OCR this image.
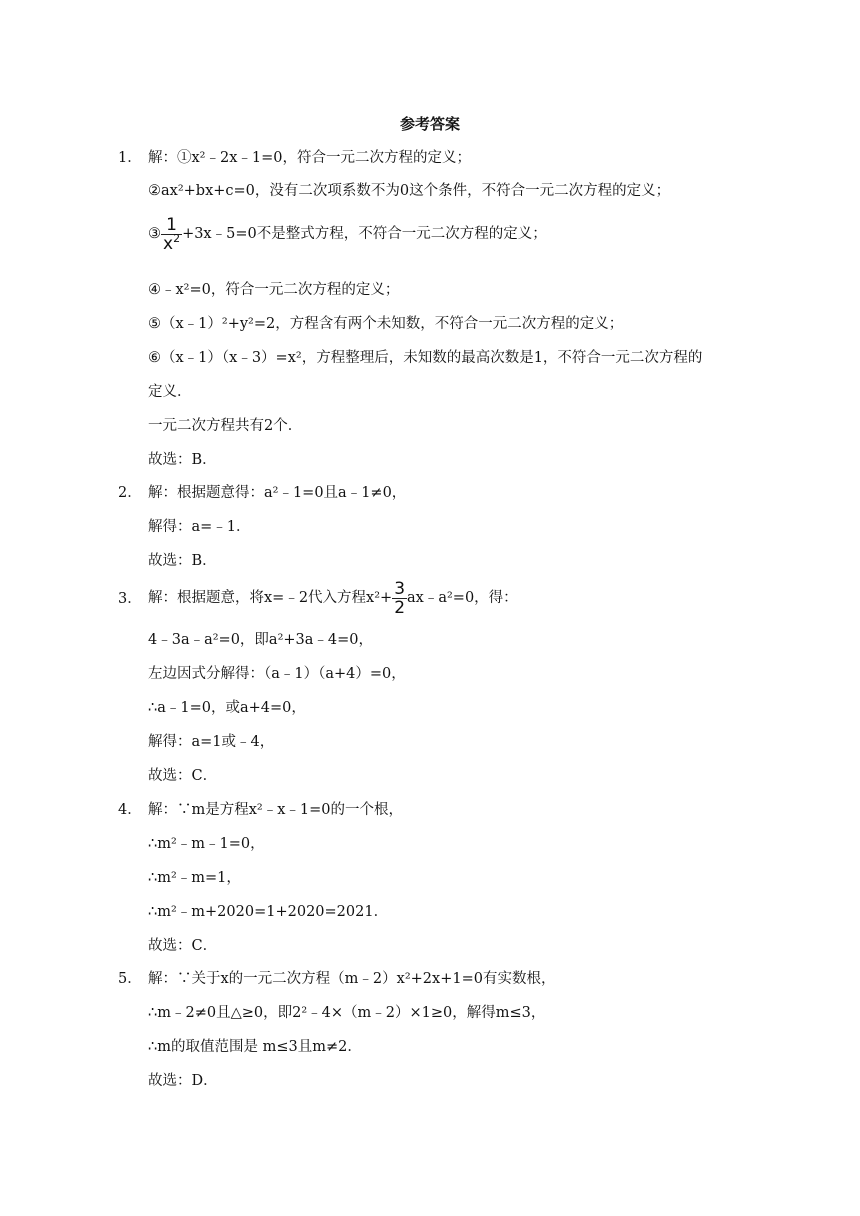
参考答案
1． 解：①x²﹣2x﹣1=0，符合一元二次方程的定义；
②ax²+bx+c=0，没有二次项系数不为0这个条件，不符合一元二次方程的定义；
③ $\frac{1}{x^2}$ +3x﹣5=0不是整式方程，不符合一元二次方程的定义；
④﹣x²=0，符合一元二次方程的定义；
⑤（x﹣1）²+y²=2，方程含有两个未知数，不符合一元二次方程的定义；
⑥（x﹣1）（x﹣3）=x²，方程整理后，未知数的最高次数是1，不符合一元二次方程的
定义．
一元二次方程共有2个．
故选：B．
2． 解：根据题意得：a²﹣1=0且a﹣1≠0，
解得：a=﹣1．
故选：B．
3． 解：根据题意，将x=﹣2代入方程$x^2+ \frac{3}{2}$ ax﹣a²=0，得：
4﹣3a﹣a²=0，即a²+3a﹣4=0，
左边因式分解得：（a﹣1）（a+4）=0，
∴a﹣1=0，或a+4=0，
解得：a=1或﹣4，
故选：C．
4． 解：∵m是方程x²﹣x﹣1=0的一个根，
∴m²﹣m﹣1=0，
∴m²﹣m=1，
∴m²﹣m+2020=1+2020=2021．
故选：C．
5． 解：∵关于x的一元二次方程（m﹣2）x²+2x+1=0有实数根，
∴m﹣2≠0且△≥0，即2²﹣4×（m﹣2）×1≥0，解得m≤3，
∴m的取值范围是 m≤3且m≠2．
故选：D．
